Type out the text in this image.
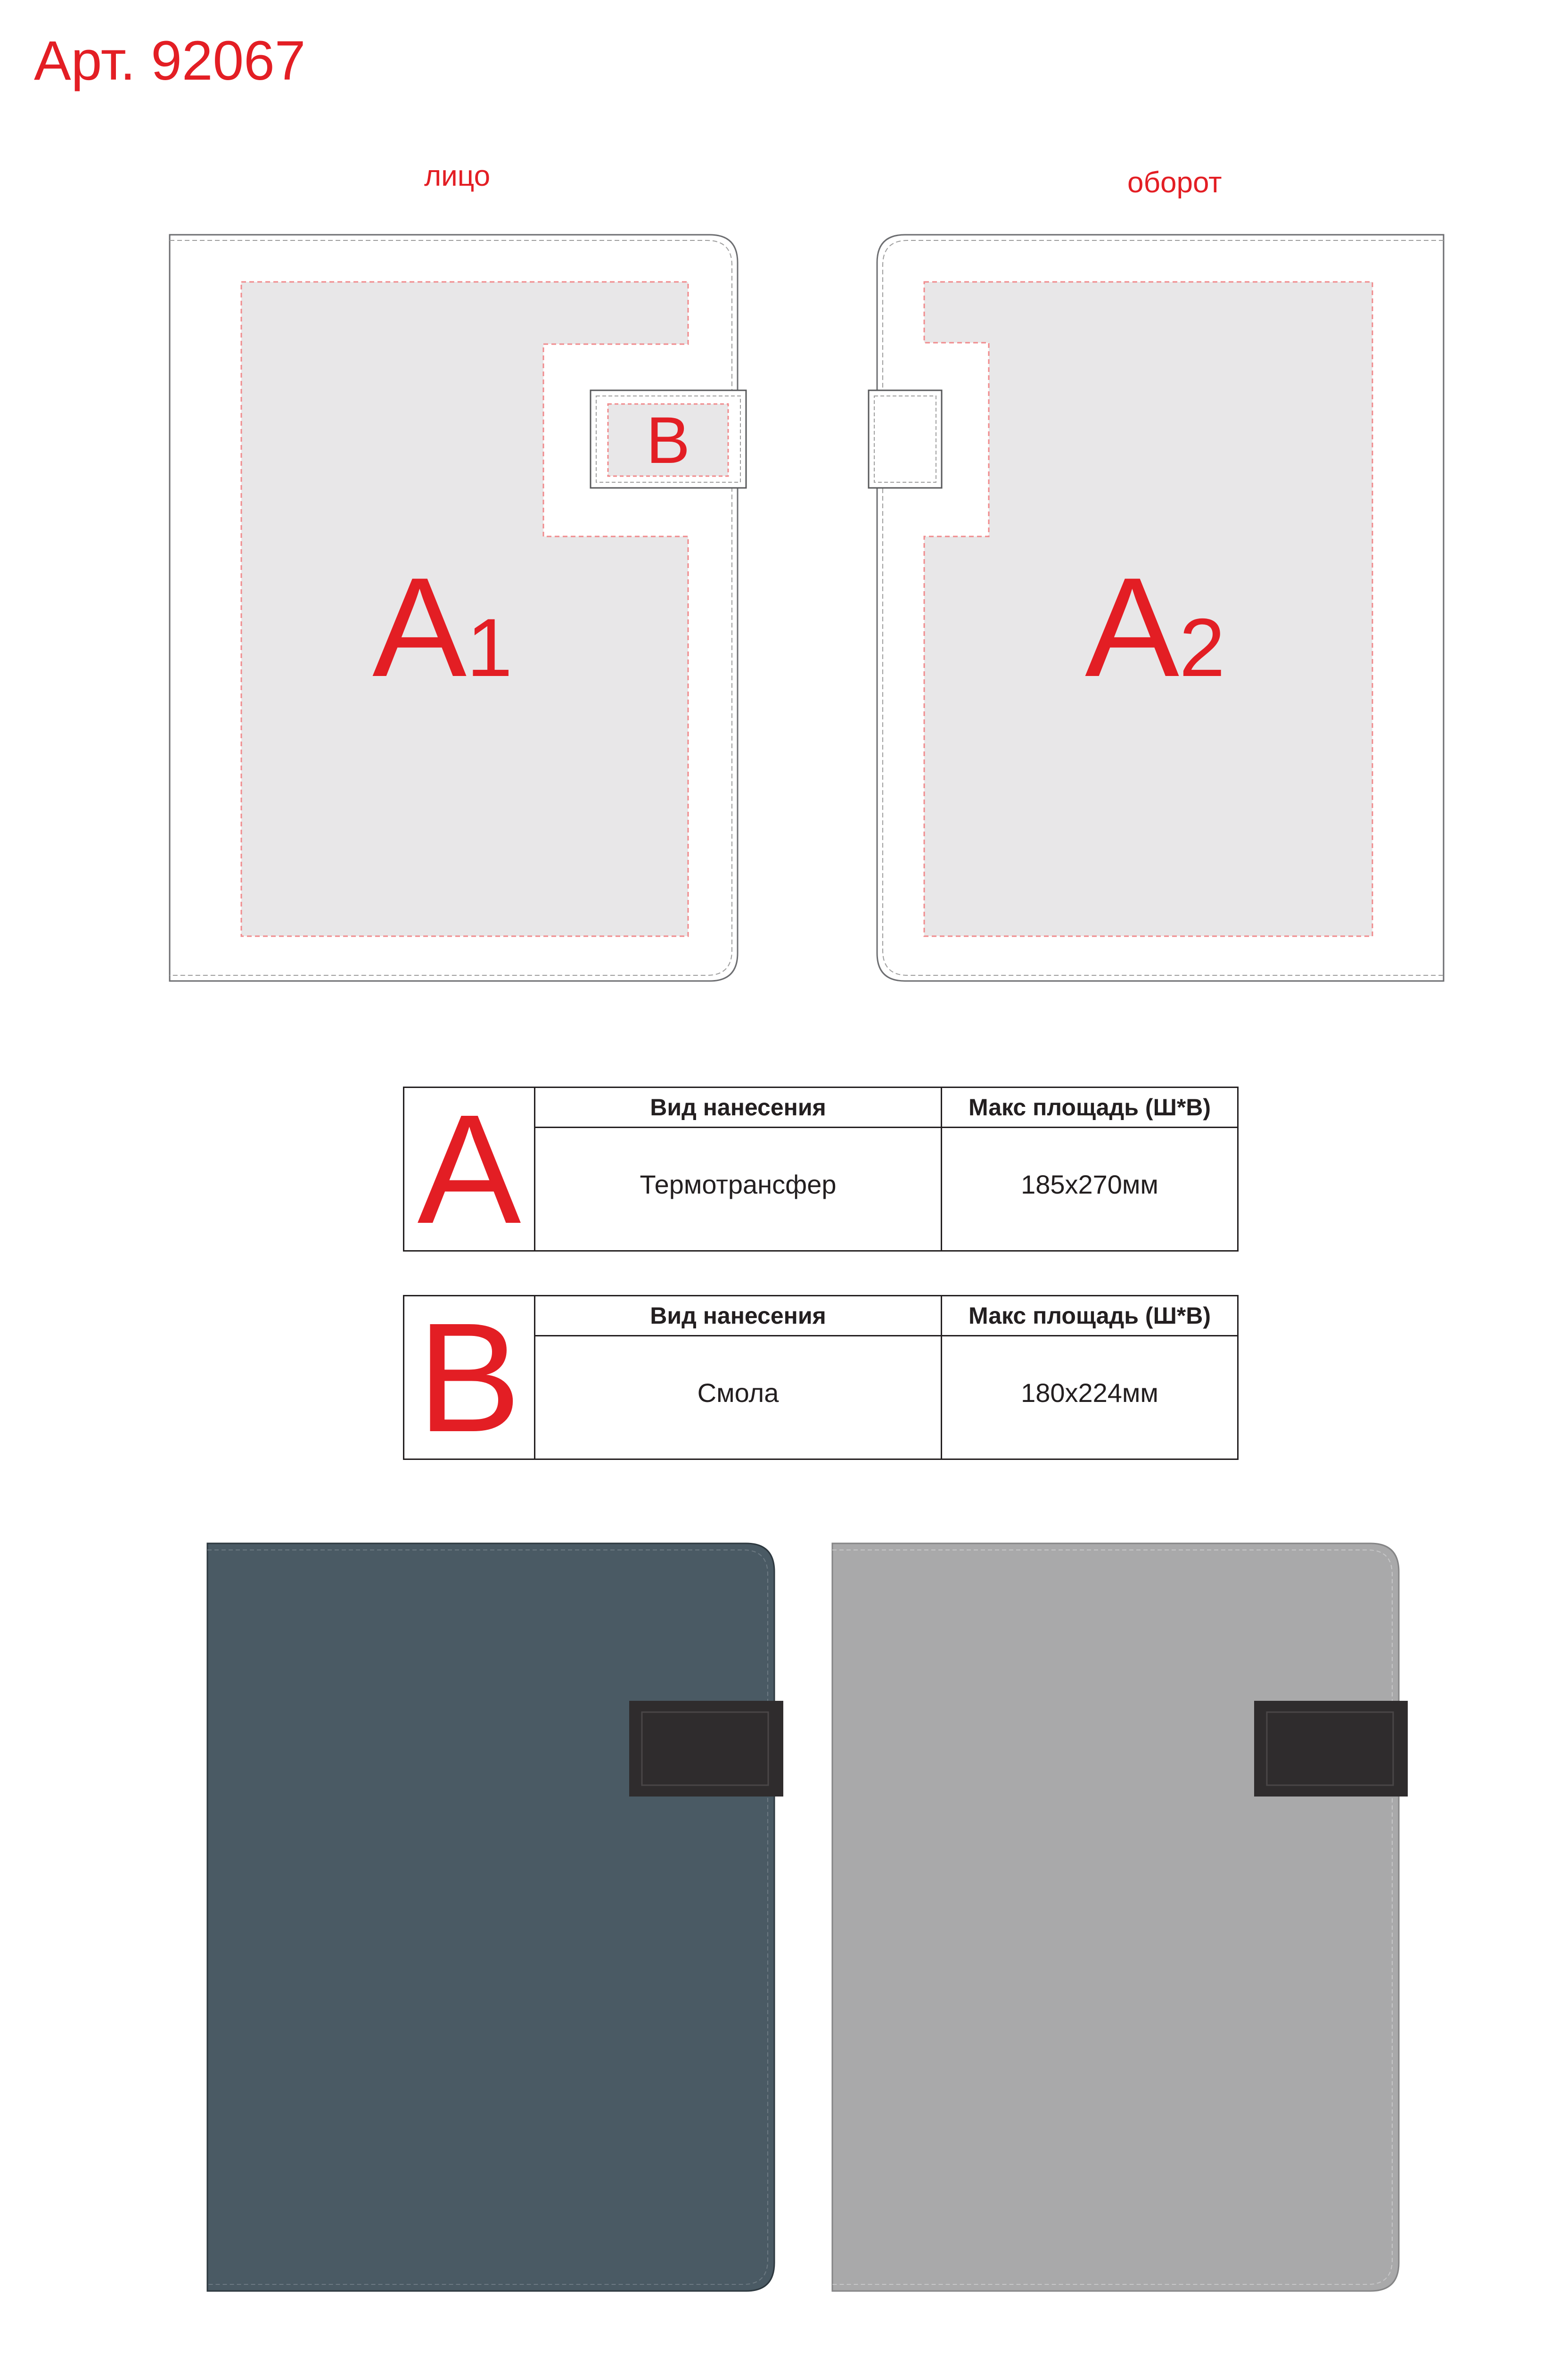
Арт. 92067
лицо	оборот
A1	A2
B
A	Вид нанесения	Макс площадь (Ш*В)
	Термотрансфер	185x270мм
B	Вид нанесения	Макс площадь (Ш*В)
	Смола	180x224мм
